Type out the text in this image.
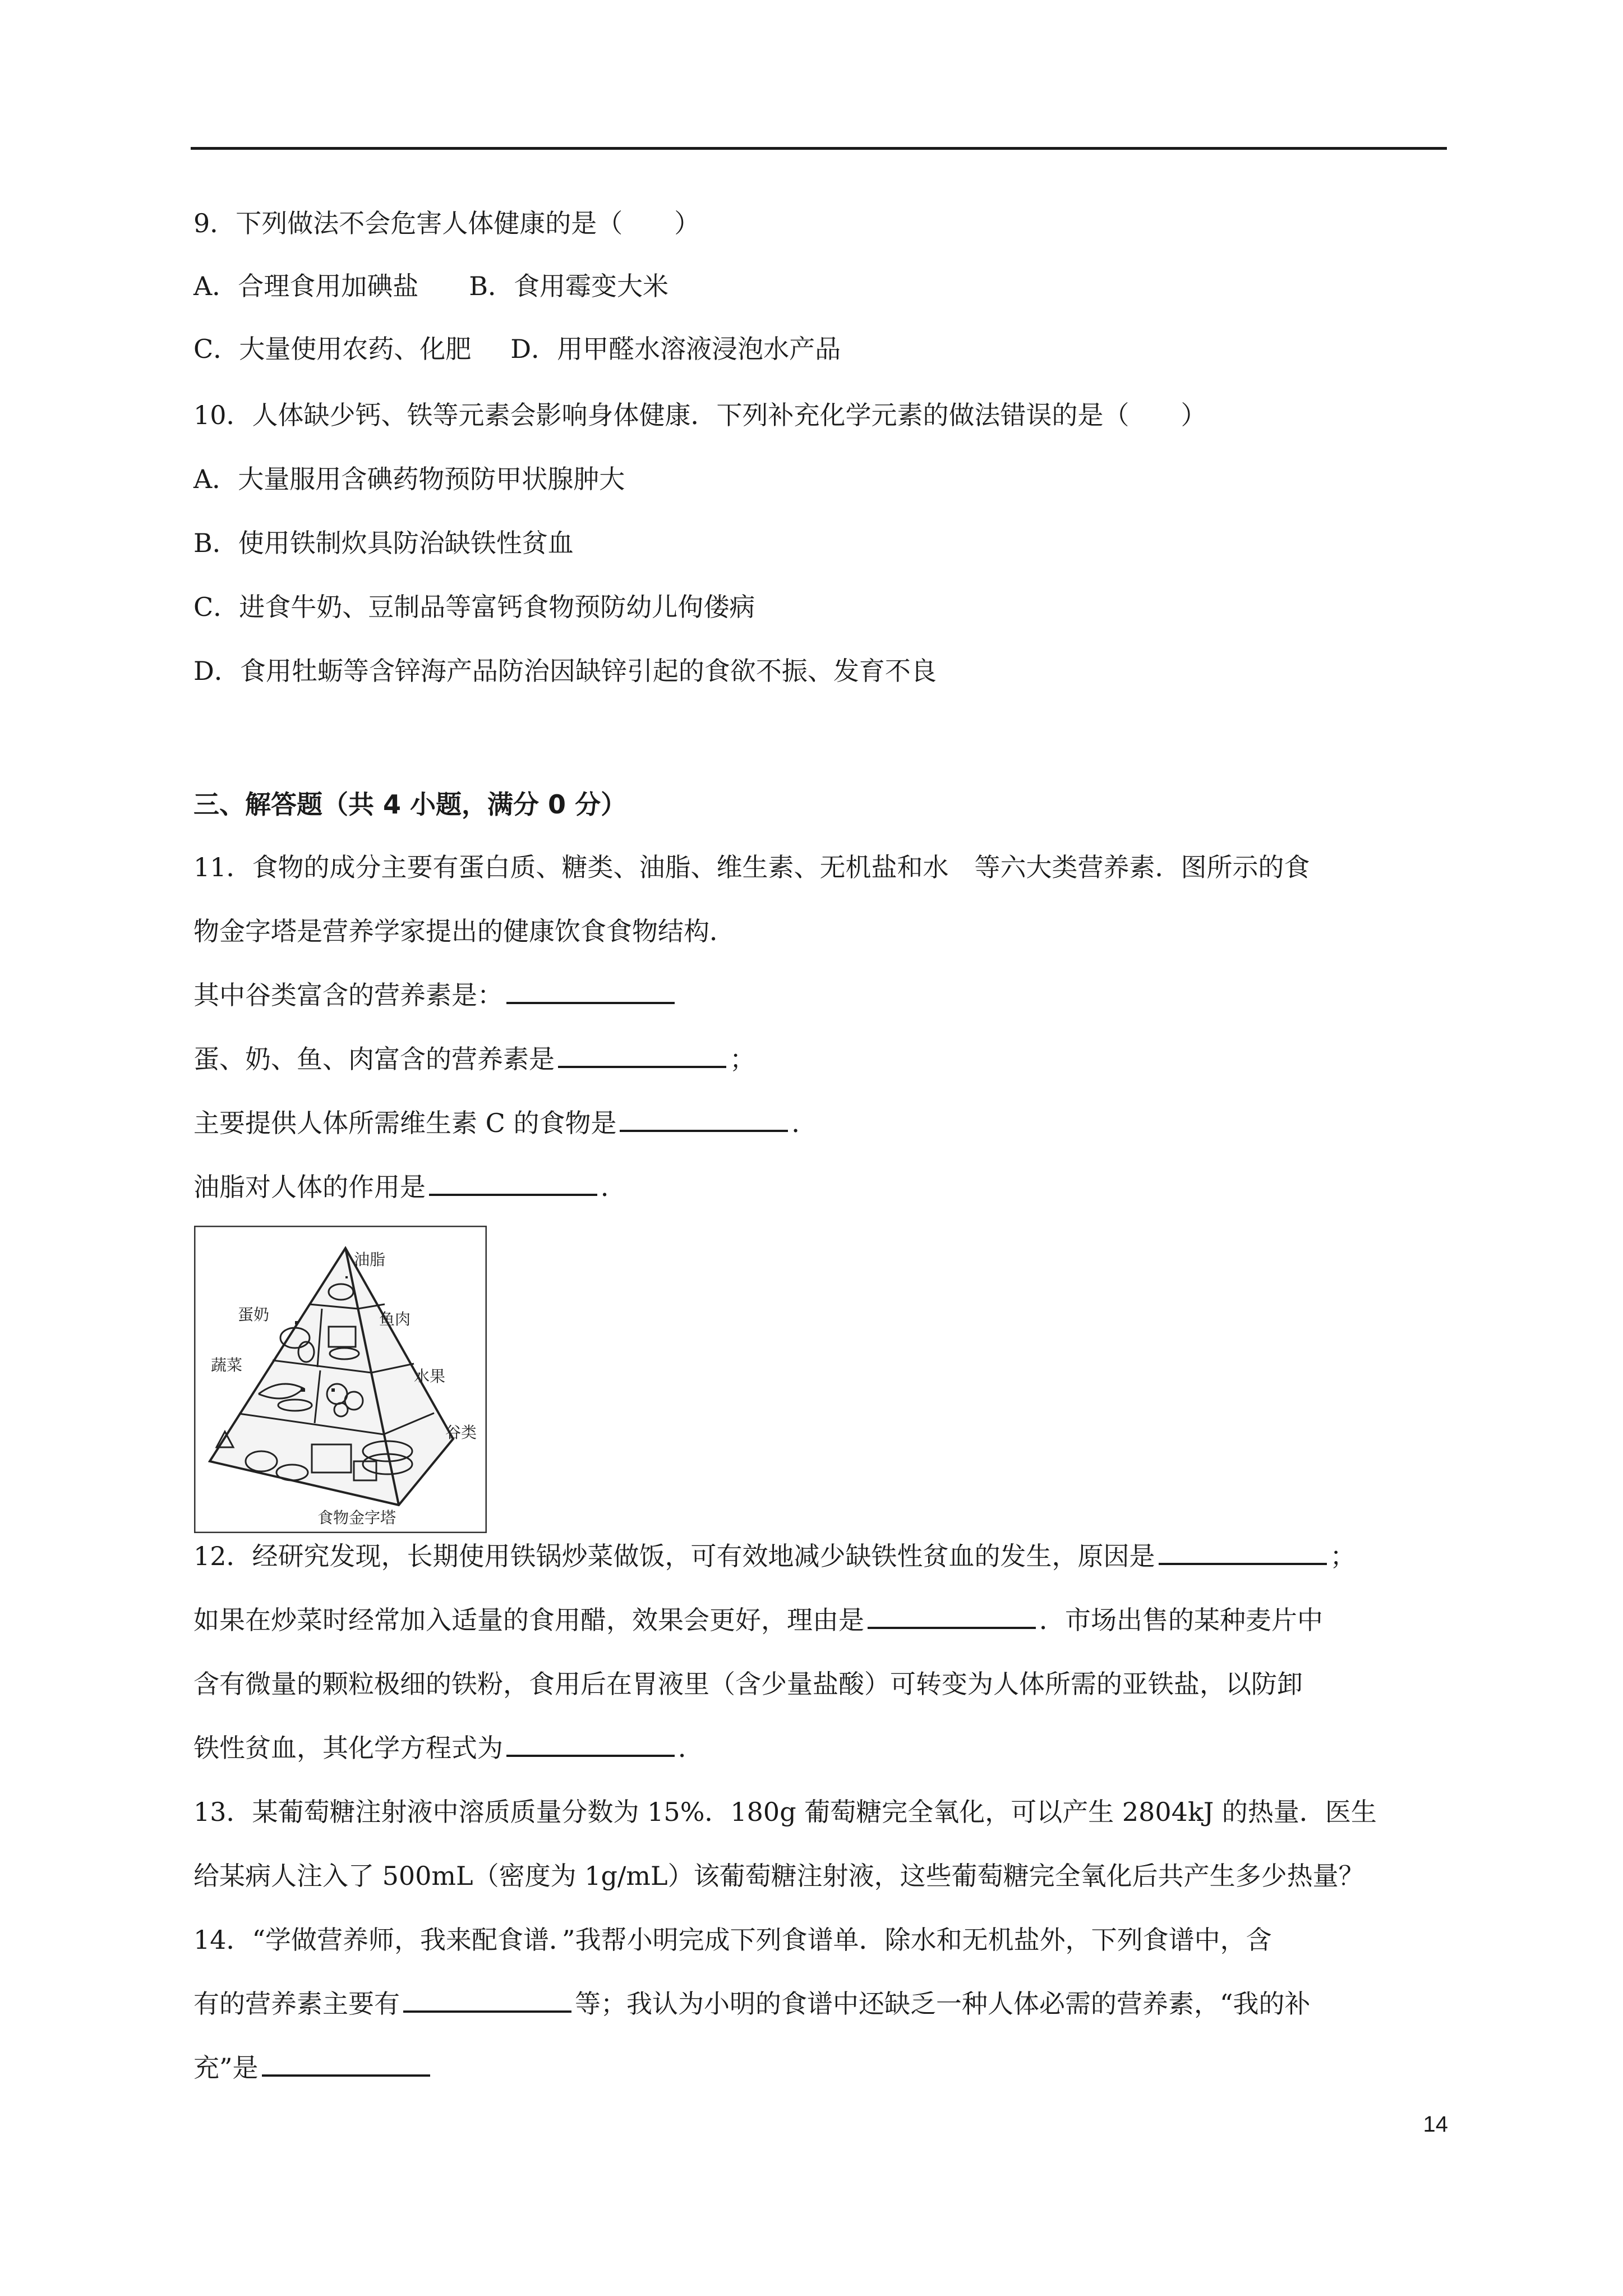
9．下列做法不会危害人体健康的是（　　）
A．合理食用加碘盐 B．食用霉变大米
C．大量使用农药、化肥 D．用甲醛水溶液浸泡水产品
10．人体缺少钙、铁等元素会影响身体健康．下列补充化学元素的做法错误的是（　　）
A．大量服用含碘药物预防甲状腺肿大
B．使用铁制炊具防治缺铁性贫血
C．进食牛奶、豆制品等富钙食物预防幼儿佝偻病
D．食用牡蛎等含锌海产品防治因缺锌引起的食欲不振、发育不良
三、解答题（共 4 小题，满分 0 分）
11．食物的成分主要有蛋白质、糖类、油脂、维生素、无机盐和水　等六大类营养素．图所示的食
物金字塔是营养学家提出的健康饮食食物结构．
其中谷类富含的营养素是：
蛋、奶、鱼、肉富含的营养素是	；
主要提供人体所需维生素 C 的食物是	．
油脂对人体的作用是	．
油脂
蛋奶	鱼肉
蔬菜
水果
谷类
食物金字塔
12．经研究发现，长期使用铁锅炒菜做饭，可有效地减少缺铁性贫血的发生，原因是	；
如果在炒菜时经常加入适量的食用醋，效果会更好，理由是	．市场出售的某种麦片中
含有微量的颗粒极细的铁粉，食用后在胃液里（含少量盐酸）可转变为人体所需的亚铁盐，以防卸
铁性贫血，其化学方程式为	．
13．某葡萄糖注射液中溶质质量分数为 15%．180g 葡萄糖完全氧化，可以产生 2804kJ 的热量．医生
给某病人注入了 500mL（密度为 1g/mL）该葡萄糖注射液，这些葡萄糖完全氧化后共产生多少热量？
14．“学做营养师，我来配食谱．”我帮小明完成下列食谱单．除水和无机盐外，下列食谱中，含
有的营养素主要有	等；我认为小明的食谱中还缺乏一种人体必需的营养素，“我的补
充”是
14
